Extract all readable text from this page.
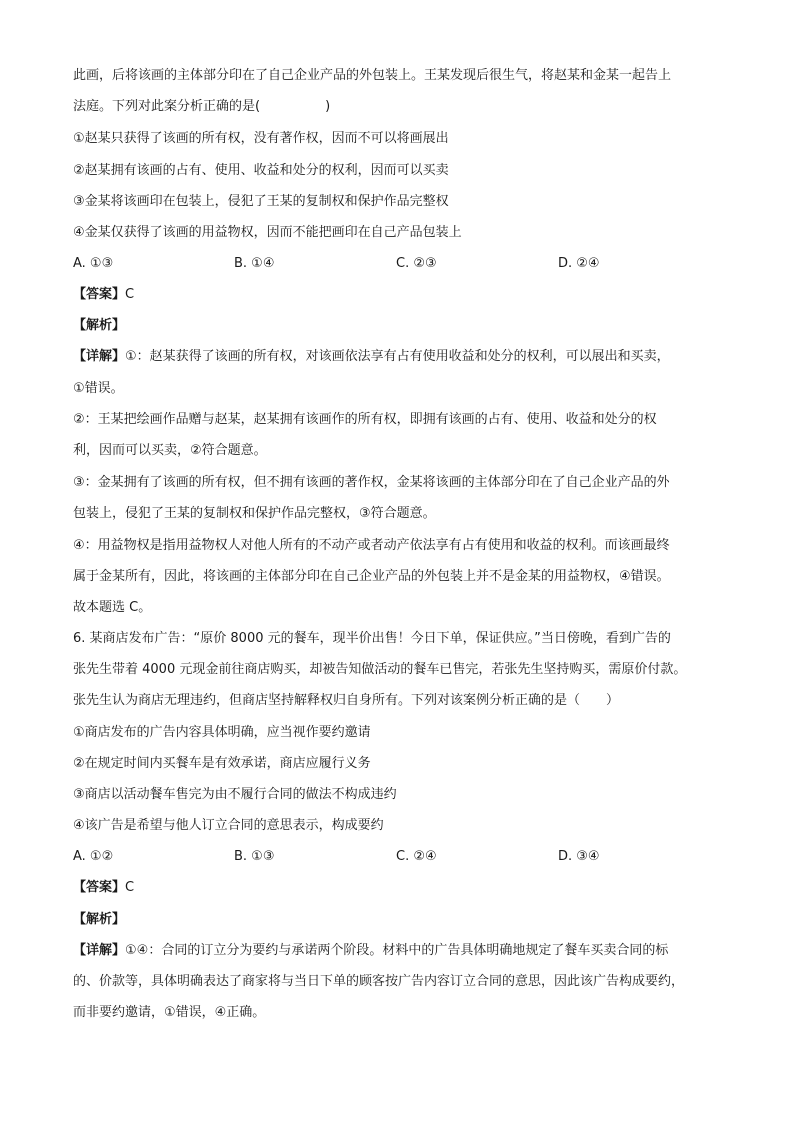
此画，后将该画的主体部分印在了自己企业产品的外包装上。王某发现后很生气，将赵某和金某一起告上
法庭。下列对此案分析正确的是(　　　　　)
①赵某只获得了该画的所有权，没有著作权，因而不可以将画展出
②赵某拥有该画的占有、使用、收益和处分的权利，因而可以买卖
③金某将该画印在包装上，侵犯了王某的复制权和保护作品完整权
④金某仅获得了该画的用益物权，因而不能把画印在自己产品包装上
A. ①③	B. ①④	C. ②③	D. ②④
【答案】C
【解析】
【详解】①：赵某获得了该画的所有权，对该画依法享有占有使用收益和处分的权利，可以展出和买卖，
①错误。
②：王某把绘画作品赠与赵某，赵某拥有该画作的所有权，即拥有该画的占有、使用、收益和处分的权
利，因而可以买卖，②符合题意。
③：金某拥有了该画的所有权，但不拥有该画的著作权，金某将该画的主体部分印在了自己企业产品的外
包装上，侵犯了王某的复制权和保护作品完整权，③符合题意。
④：用益物权是指用益物权人对他人所有的不动产或者动产依法享有占有使用和收益的权利。而该画最终
属于金某所有，因此，将该画的主体部分印在自己企业产品的外包装上并不是金某的用益物权，④错误。
故本题选 C。
6. 某商店发布广告：“原价 8000 元的餐车，现半价出售！今日下单，保证供应。”当日傍晚，看到广告的
张先生带着 4000 元现金前往商店购买，却被告知做活动的餐车已售完，若张先生坚持购买，需原价付款。
张先生认为商店无理违约，但商店坚持解释权归自身所有。下列对该案例分析正确的是（　　）
①商店发布的广告内容具体明确，应当视作要约邀请
②在规定时间内买餐车是有效承诺，商店应履行义务
③商店以活动餐车售完为由不履行合同的做法不构成违约
④该广告是希望与他人订立合同的意思表示，构成要约
A. ①②	B. ①③	C. ②④	D. ③④
【答案】C
【解析】
【详解】①④：合同的订立分为要约与承诺两个阶段。材料中的广告具体明确地规定了餐车买卖合同的标
的、价款等，具体明确表达了商家将与当日下单的顾客按广告内容订立合同的意思，因此该广告构成要约，
而非要约邀请，①错误，④正确。
